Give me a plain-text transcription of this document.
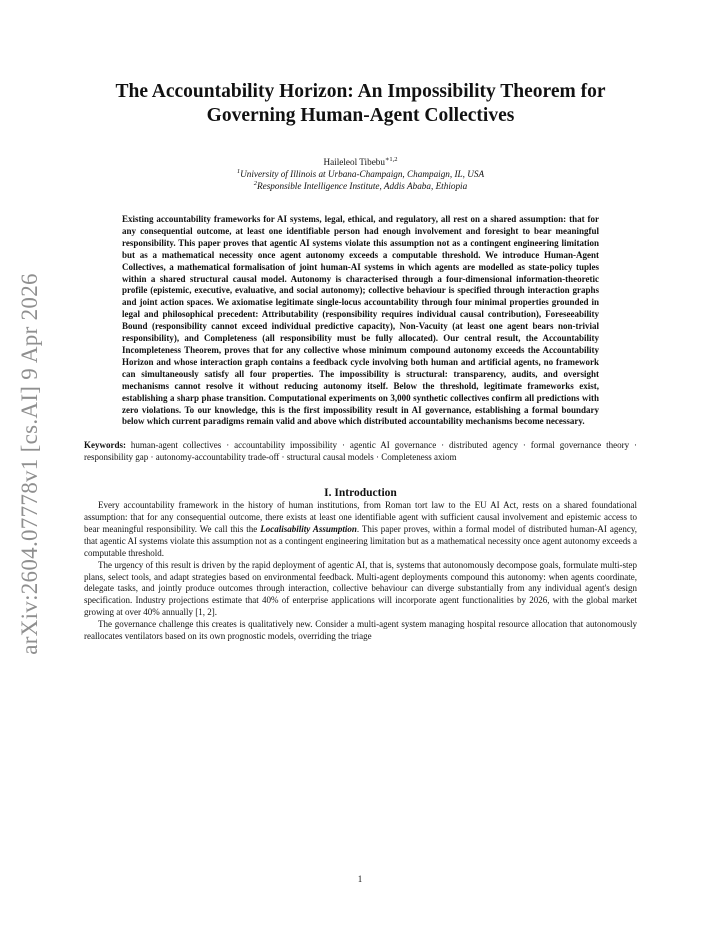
arXiv:2604.07778v1 [cs.AI] 9 Apr 2026
The Accountability Horizon: An Impossibility Theorem for
Governing Human-Agent Collectives
Haileleol Tibebu$^{∗1,2}$
$^1$University of Illinois at Urbana-Champaign, Champaign, IL, USA
$^2$Responsible Intelligence Institute, Addis Ababa, Ethiopia
Existing accountability frameworks for AI systems, legal, ethical, and regulatory, all rest on a shared assumption: that for any consequential outcome, at least one identifiable person had enough involvement and foresight to bear meaningful responsibility. This paper proves that agentic AI systems violate this assumption not as a contingent engineering limitation but as a mathematical necessity once agent autonomy exceeds a computable threshold. We introduce Human-Agent Collectives, a mathematical formalisation of joint human-AI systems in which agents are modelled as state-policy tuples within a shared structural causal model. Autonomy is characterised through a four-dimensional information-theoretic profile (epistemic, executive, evaluative, and social autonomy); collective behaviour is specified through interaction graphs and joint action spaces. We axiomatise legitimate single-locus accountability through four minimal properties grounded in legal and philosophical precedent: Attributability (responsibility requires individual causal contribution), Foreseeability Bound (responsibility cannot exceed individual predictive capacity), Non-Vacuity (at least one agent bears non-trivial responsibility), and Completeness (all responsibility must be fully allocated). Our central result, the Accountability Incompleteness Theorem, proves that for any collective whose minimum compound autonomy exceeds the Accountability Horizon and whose interaction graph contains a feedback cycle involving both human and artificial agents, no framework can simultaneously satisfy all four properties. The impossibility is structural: transparency, audits, and oversight mechanisms cannot resolve it without reducing autonomy itself. Below the threshold, legitimate frameworks exist, establishing a sharp phase transition. Computational experiments on 3,000 synthetic collectives confirm all predictions with zero violations. To our knowledge, this is the first impossibility result in AI governance, establishing a formal boundary below which current paradigms remain valid and above which distributed accountability mechanisms become necessary.
Keywords: human-agent collectives · accountability impossibility · agentic AI governance · distributed agency · formal governance theory · responsibility gap · autonomy-accountability trade-off · structural causal models · Completeness axiom
I. Introduction

Every accountability framework in the history of human institutions, from Roman tort law to the EU AI Act, rests on a shared foundational assumption: that for any consequential outcome, there exists at least one identifiable agent with sufficient causal involvement and epistemic access to bear meaningful responsibility. We call this the Localisability Assumption. This paper proves, within a formal model of distributed human-AI agency, that agentic AI systems violate this assumption not as a contingent engineering limitation but as a mathematical necessity once agent autonomy exceeds a computable threshold.

The urgency of this result is driven by the rapid deployment of agentic AI, that is, systems that autonomously decompose goals, formulate multi-step plans, select tools, and adapt strategies based on environmental feedback. Multi-agent deployments compound this autonomy: when agents coordinate, delegate tasks, and jointly produce outcomes through interaction, collective behaviour can diverge substantially from any individual agent's design specification. Industry projections estimate that 40% of enterprise applications will incorporate agent functionalities by 2026, with the global market growing at over 40% annually [1, 2].

The governance challenge this creates is qualitatively new. Consider a multi-agent system managing hospital resource allocation that autonomously reallocates ventilators based on its own prognostic models, overriding the triage

1
